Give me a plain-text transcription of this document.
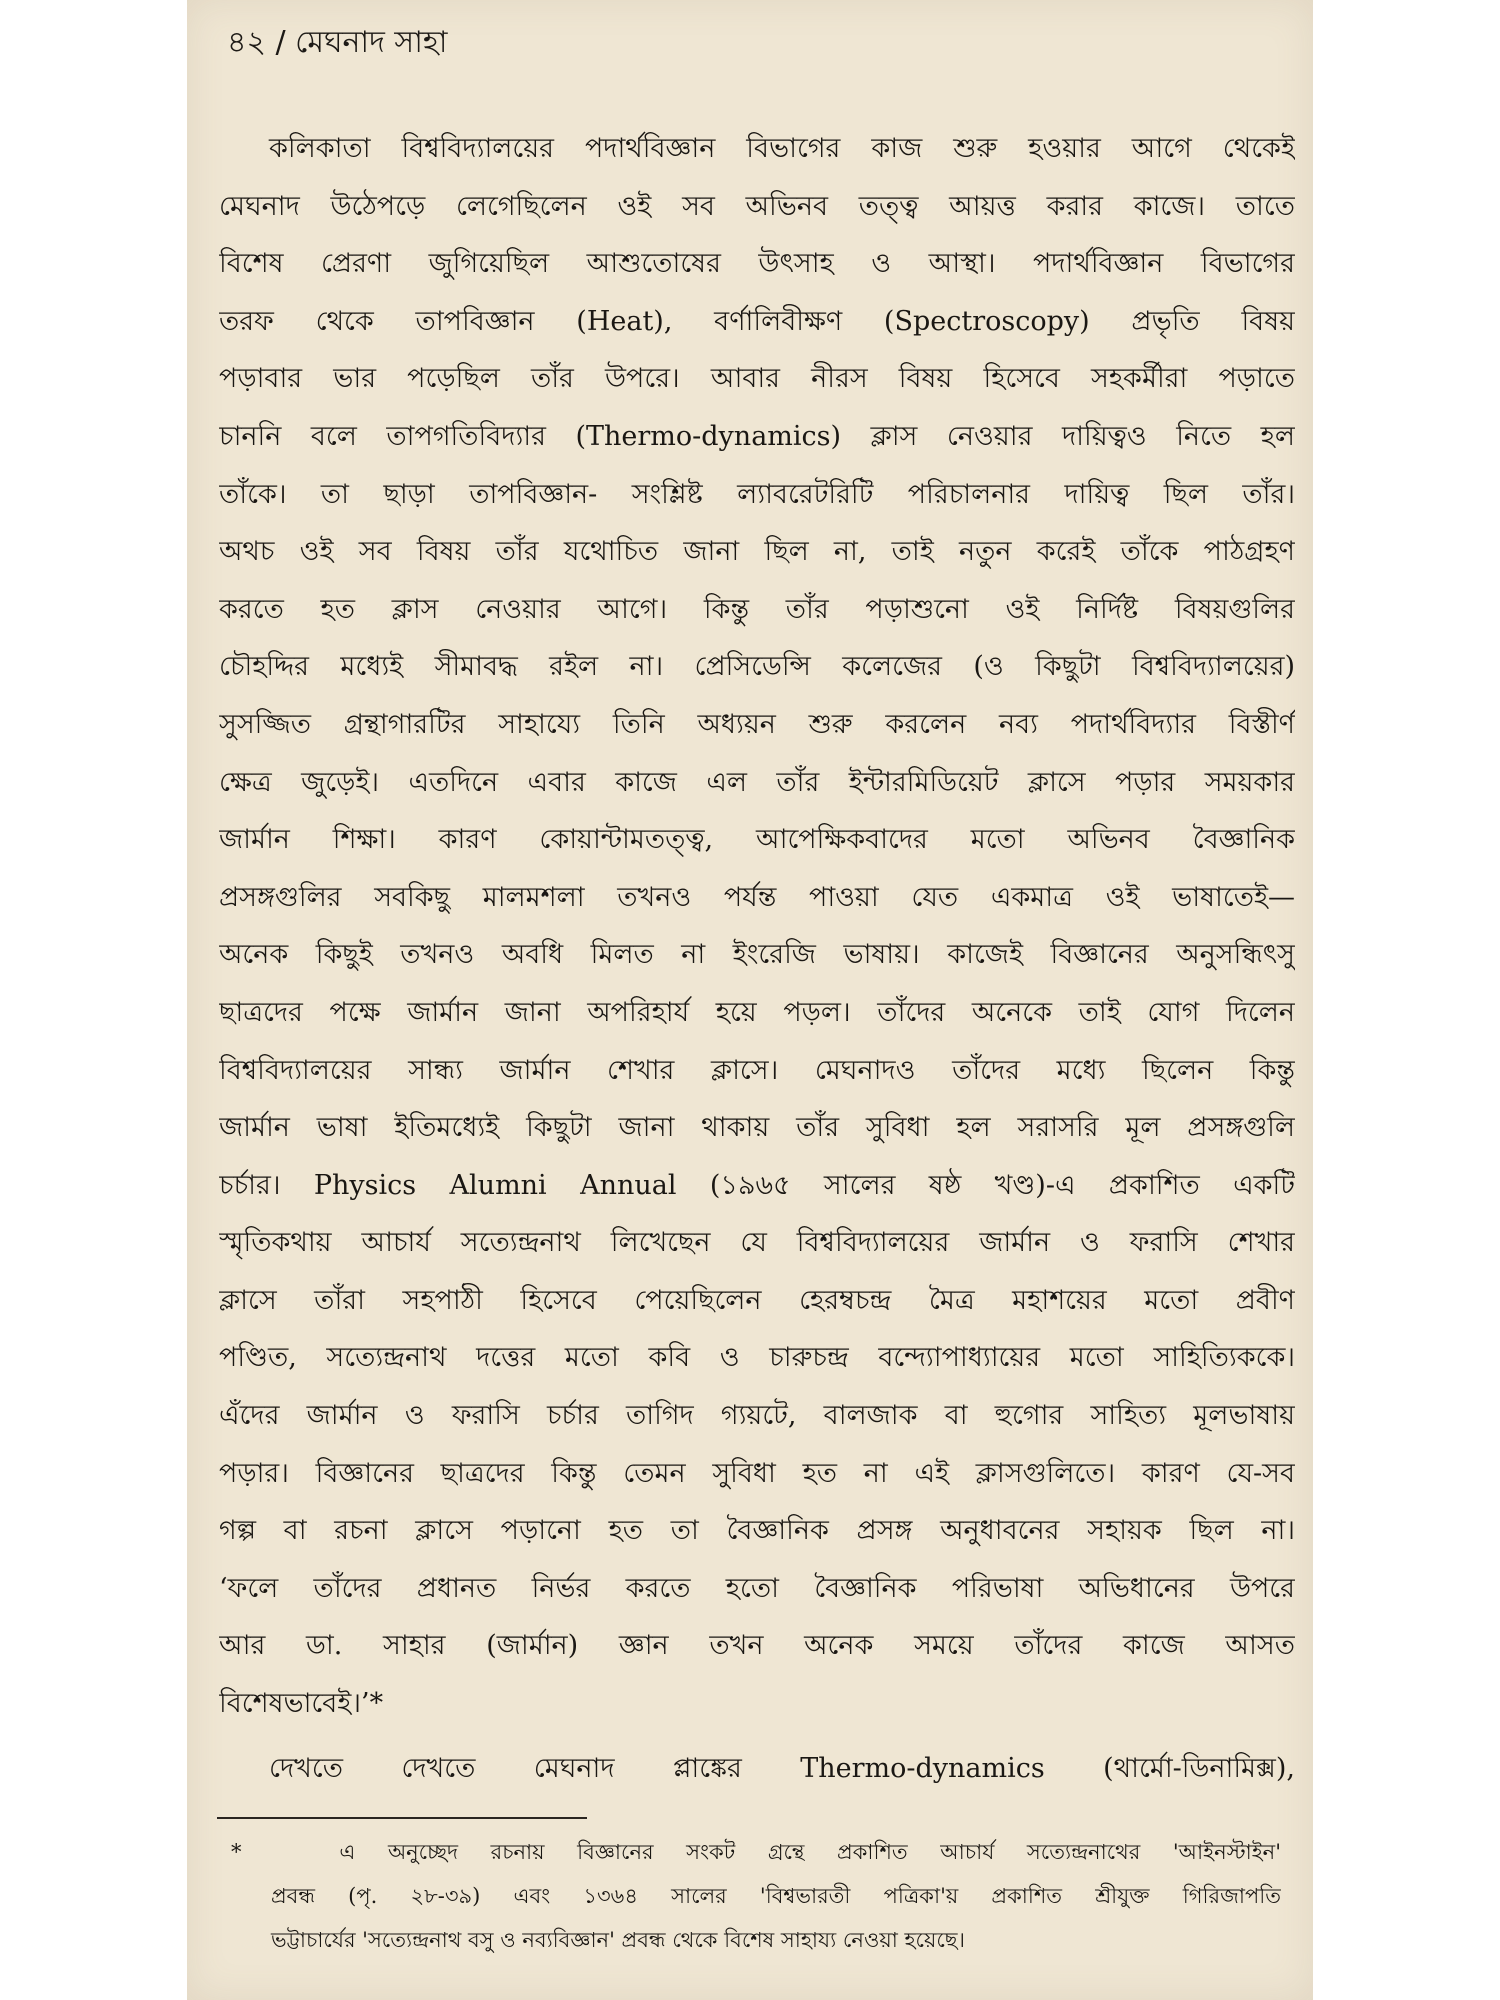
৪২ / মেঘনাদ সাহা
কলিকাতা বিশ্ববিদ্যালয়ের পদার্থবিজ্ঞান বিভাগের কাজ শুরু হওয়ার আগে থেকেই
মেঘনাদ উঠেপড়ে লেগেছিলেন ওই সব অভিনব তত্ত্ব আয়ত্ত করার কাজে। তাতে
বিশেষ প্রেরণা জুগিয়েছিল আশুতোষের উৎসাহ ও আস্থা। পদার্থবিজ্ঞান বিভাগের
তরফ থেকে তাপবিজ্ঞান (Heat), বর্ণালিবীক্ষণ (Spectroscopy) প্রভৃতি বিষয়
পড়াবার ভার পড়েছিল তাঁর উপরে। আবার নীরস বিষয় হিসেবে সহকর্মীরা পড়াতে
চাননি বলে তাপগতিবিদ্যার (Thermo-dynamics) ক্লাস নেওয়ার দায়িত্বও নিতে হল
তাঁকে। তা ছাড়া তাপবিজ্ঞান- সংশ্লিষ্ট ল্যাবরেটরিটি পরিচালনার দায়িত্ব ছিল তাঁর।
অথচ ওই সব বিষয় তাঁর যথোচিত জানা ছিল না, তাই নতুন করেই তাঁকে পাঠগ্রহণ
করতে হত ক্লাস নেওয়ার আগে। কিন্তু তাঁর পড়াশুনো ওই নির্দিষ্ট বিষয়গুলির
চৌহদ্দির মধ্যেই সীমাবদ্ধ রইল না। প্রেসিডেন্সি কলেজের (ও কিছুটা বিশ্ববিদ্যালয়ের)
সুসজ্জিত গ্রন্থাগারটির সাহায্যে তিনি অধ্যয়ন শুরু করলেন নব্য পদার্থবিদ্যার বিস্তীর্ণ
ক্ষেত্র জুড়েই। এতদিনে এবার কাজে এল তাঁর ইন্টারমিডিয়েট ক্লাসে পড়ার সময়কার
জার্মান শিক্ষা। কারণ কোয়ান্টামতত্ত্ব, আপেক্ষিকবাদের মতো অভিনব বৈজ্ঞানিক
প্রসঙ্গগুলির সবকিছু মালমশলা তখনও পর্যন্ত পাওয়া যেত একমাত্র ওই ভাষাতেই—
অনেক কিছুই তখনও অবধি মিলত না ইংরেজি ভাষায়। কাজেই বিজ্ঞানের অনুসন্ধিৎসু
ছাত্রদের পক্ষে জার্মান জানা অপরিহার্য হয়ে পড়ল। তাঁদের অনেকে তাই যোগ দিলেন
বিশ্ববিদ্যালয়ের সান্ধ্য জার্মান শেখার ক্লাসে। মেঘনাদও তাঁদের মধ্যে ছিলেন কিন্তু
জার্মান ভাষা ইতিমধ্যেই কিছুটা জানা থাকায় তাঁর সুবিধা হল সরাসরি মূল প্রসঙ্গগুলি
চর্চার। Physics Alumni Annual (১৯৬৫ সালের ষষ্ঠ খণ্ড)-এ প্রকাশিত একটি
স্মৃতিকথায় আচার্য সত্যেন্দ্রনাথ লিখেছেন যে বিশ্ববিদ্যালয়ের জার্মান ও ফরাসি শেখার
ক্লাসে তাঁরা সহপাঠী হিসেবে পেয়েছিলেন হেরম্বচন্দ্র মৈত্র মহাশয়ের মতো প্রবীণ
পণ্ডিত, সত্যেন্দ্রনাথ দত্তের মতো কবি ও চারুচন্দ্র বন্দ্যোপাধ্যায়ের মতো সাহিত্যিককে।
এঁদের জার্মান ও ফরাসি চর্চার তাগিদ গ্যয়টে, বালজাক বা হুগোর সাহিত্য মূলভাষায়
পড়ার। বিজ্ঞানের ছাত্রদের কিন্তু তেমন সুবিধা হত না এই ক্লাসগুলিতে। কারণ যে-সব
গল্প বা রচনা ক্লাসে পড়ানো হত তা বৈজ্ঞানিক প্রসঙ্গ অনুধাবনের সহায়ক ছিল না।
‘ফলে তাঁদের প্রধানত নির্ভর করতে হতো বৈজ্ঞানিক পরিভাষা অভিধানের উপরে
আর ডা. সাহার (জার্মান) জ্ঞান তখন অনেক সময়ে তাঁদের কাজে আসত
বিশেষভাবেই।’*
দেখতে দেখতে মেঘনাদ প্লাঙ্কের Thermo-dynamics (থার্মো-ডিনামিক্স),
*	এ অনুচ্ছেদ রচনায় বিজ্ঞানের সংকট গ্রন্থে প্রকাশিত আচার্য সত্যেন্দ্রনাথের 'আইনস্টাইন'
প্রবন্ধ (পৃ. ২৮-৩৯) এবং ১৩৬৪ সালের 'বিশ্বভারতী পত্রিকা'য় প্রকাশিত শ্রীযুক্ত গিরিজাপতি
ভট্টাচার্যের 'সত্যেন্দ্রনাথ বসু ও নব্যবিজ্ঞান' প্রবন্ধ থেকে বিশেষ সাহায্য নেওয়া হয়েছে।
